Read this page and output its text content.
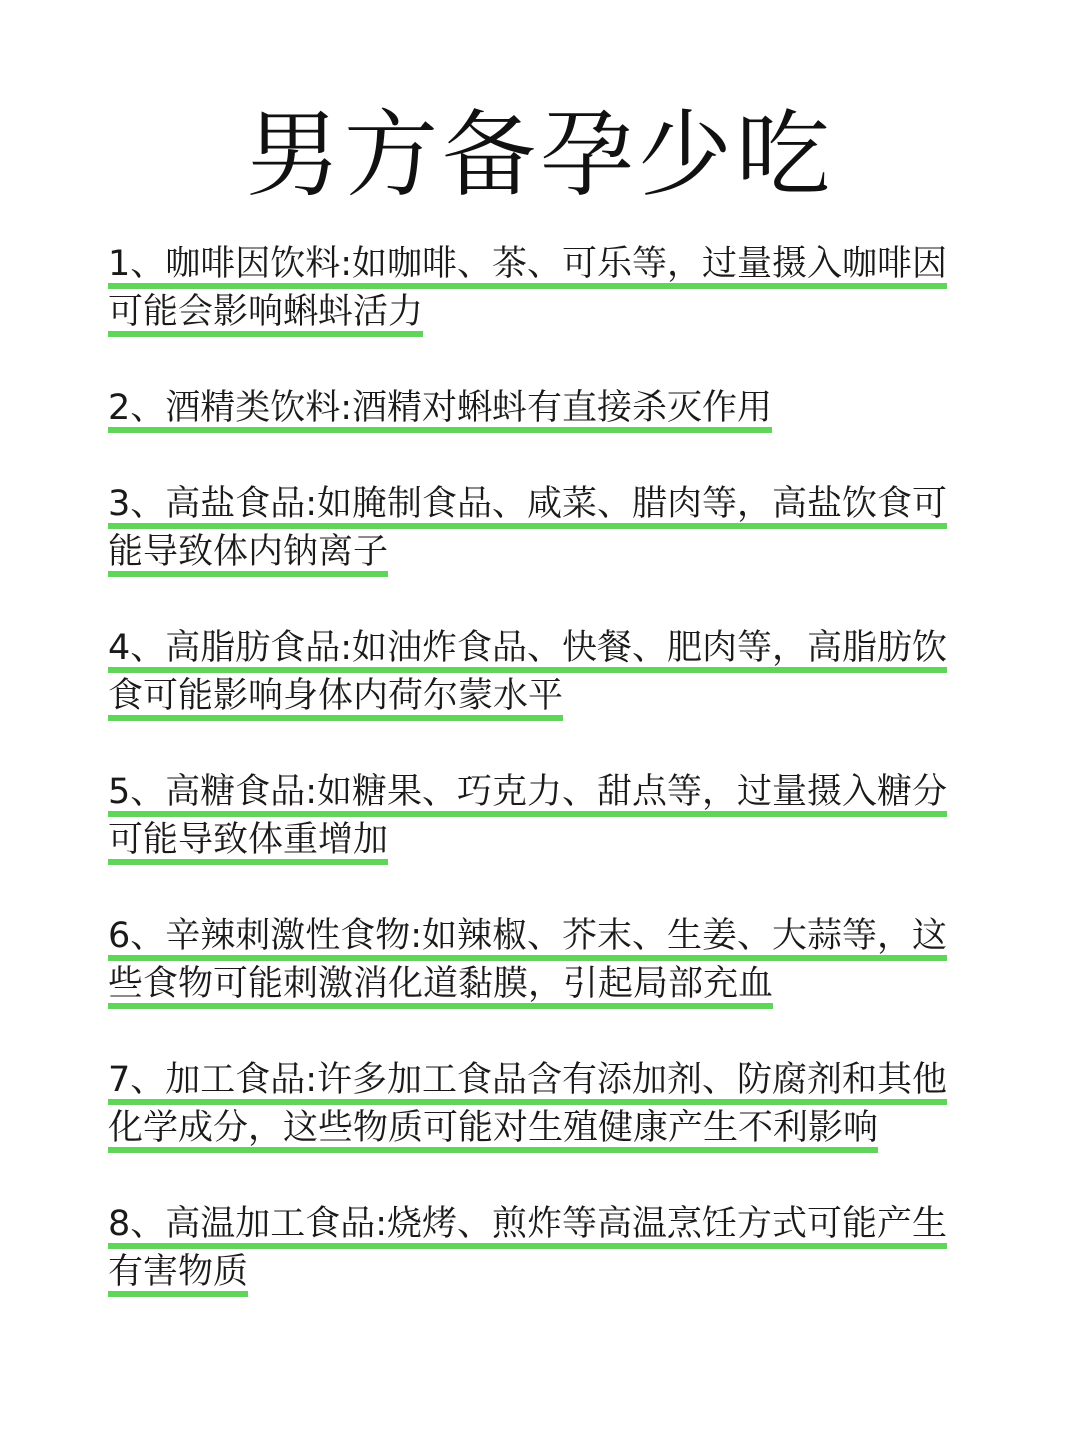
男方备孕少吃
1、咖啡因饮料:如咖啡、茶、可乐等，过量摄入咖啡因可能会影响蝌蚪活力
2、酒精类饮料:酒精对蝌蚪有直接杀灭作用
3、高盐食品:如腌制食品、咸菜、腊肉等，高盐饮食可能导致体内钠离子
4、高脂肪食品:如油炸食品、快餐、肥肉等，高脂肪饮食可能影响身体内荷尔蒙水平
5、高糖食品:如糖果、巧克力、甜点等，过量摄入糖分可能导致体重增加
6、辛辣刺激性食物:如辣椒、芥末、生姜、大蒜等，这些食物可能刺激消化道黏膜，引起局部充血
7、加工食品:许多加工食品含有添加剂、防腐剂和其他化学成分，这些物质可能对生殖健康产生不利影响
8、高温加工食品:烧烤、煎炸等高温烹饪方式可能产生有害物质
